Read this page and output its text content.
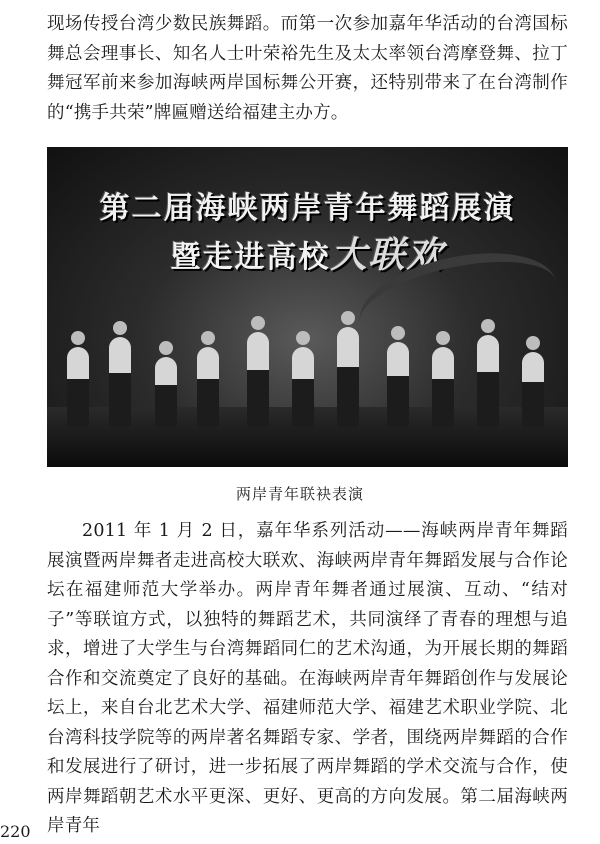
现场传授台湾少数民族舞蹈。而第一次参加嘉年华活动的台湾国标舞总会理事长、知名人士叶荣裕先生及太太率领台湾摩登舞、拉丁舞冠军前来参加海峡两岸国标舞公开赛，还特别带来了在台湾制作的“携手共荣”牌匾赠送给福建主办方。

第二届海峡两岸青年舞蹈展演
暨走进高校大联欢
两岸青年联袂表演

2011 年 1 月 2 日，嘉年华系列活动——海峡两岸青年舞蹈展演暨两岸舞者走进高校大联欢、海峡两岸青年舞蹈发展与合作论坛在福建师范大学举办。两岸青年舞者通过展演、互动、“结对子”等联谊方式，以独特的舞蹈艺术，共同演绎了青春的理想与追求，增进了大学生与台湾舞蹈同仁的艺术沟通，为开展长期的舞蹈合作和交流奠定了良好的基础。在海峡两岸青年舞蹈创作与发展论坛上，来自台北艺术大学、福建师范大学、福建艺术职业学院、北台湾科技学院等的两岸著名舞蹈专家、学者，围绕两岸舞蹈的合作和发展进行了研讨，进一步拓展了两岸舞蹈的学术交流与合作，使两岸舞蹈朝艺术水平更深、更好、更高的方向发展。第二届海峡两岸青年

220
